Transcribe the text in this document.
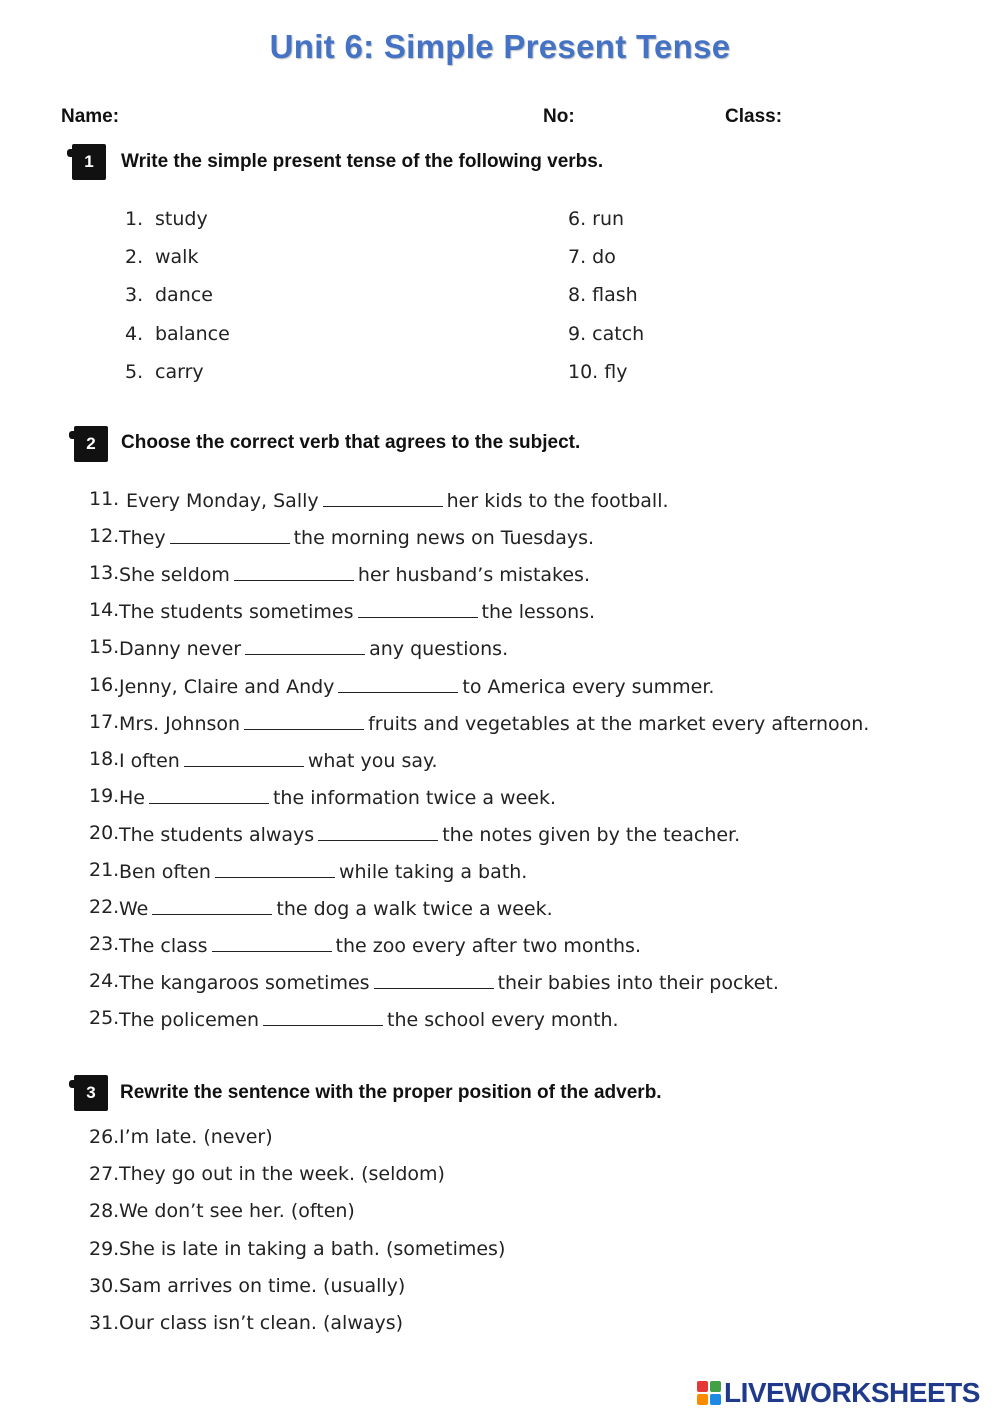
Unit 6: Simple Present Tense
Name:	No:	Class:
1	Write the simple present tense of the following verbs.
1. study
2. walk
3. dance
4. balance
5. carry
6. run
7. do
8. flash
9. catch
10. fly
2	Choose the correct verb that agrees to the subject.
11. Every Monday, Sally	her kids to the football.
12. They	the morning news on Tuesdays.
13. She seldom	her husband’s mistakes.
14. The students sometimes	the lessons.
15. Danny never	any questions.
16. Jenny, Claire and Andy	to America every summer.
17. Mrs. Johnson	fruits and vegetables at the market every afternoon.
18. I often	what you say.
19. He	the information twice a week.
20. The students always	the notes given by the teacher.
21. Ben often	while taking a bath.
22. We	the dog a walk twice a week.
23. The class	the zoo every after two months.
24. The kangaroos sometimes	their babies into their pocket.
25. The policemen	the school every month.
3	Rewrite the sentence with the proper position of the adverb.
26. I’m late. (never)
27. They go out in the week. (seldom)
28. We don’t see her. (often)
29. She is late in taking a bath. (sometimes)
30. Sam arrives on time. (usually)
31. Our class isn’t clean. (always)
LIVEWORKSHEETS
